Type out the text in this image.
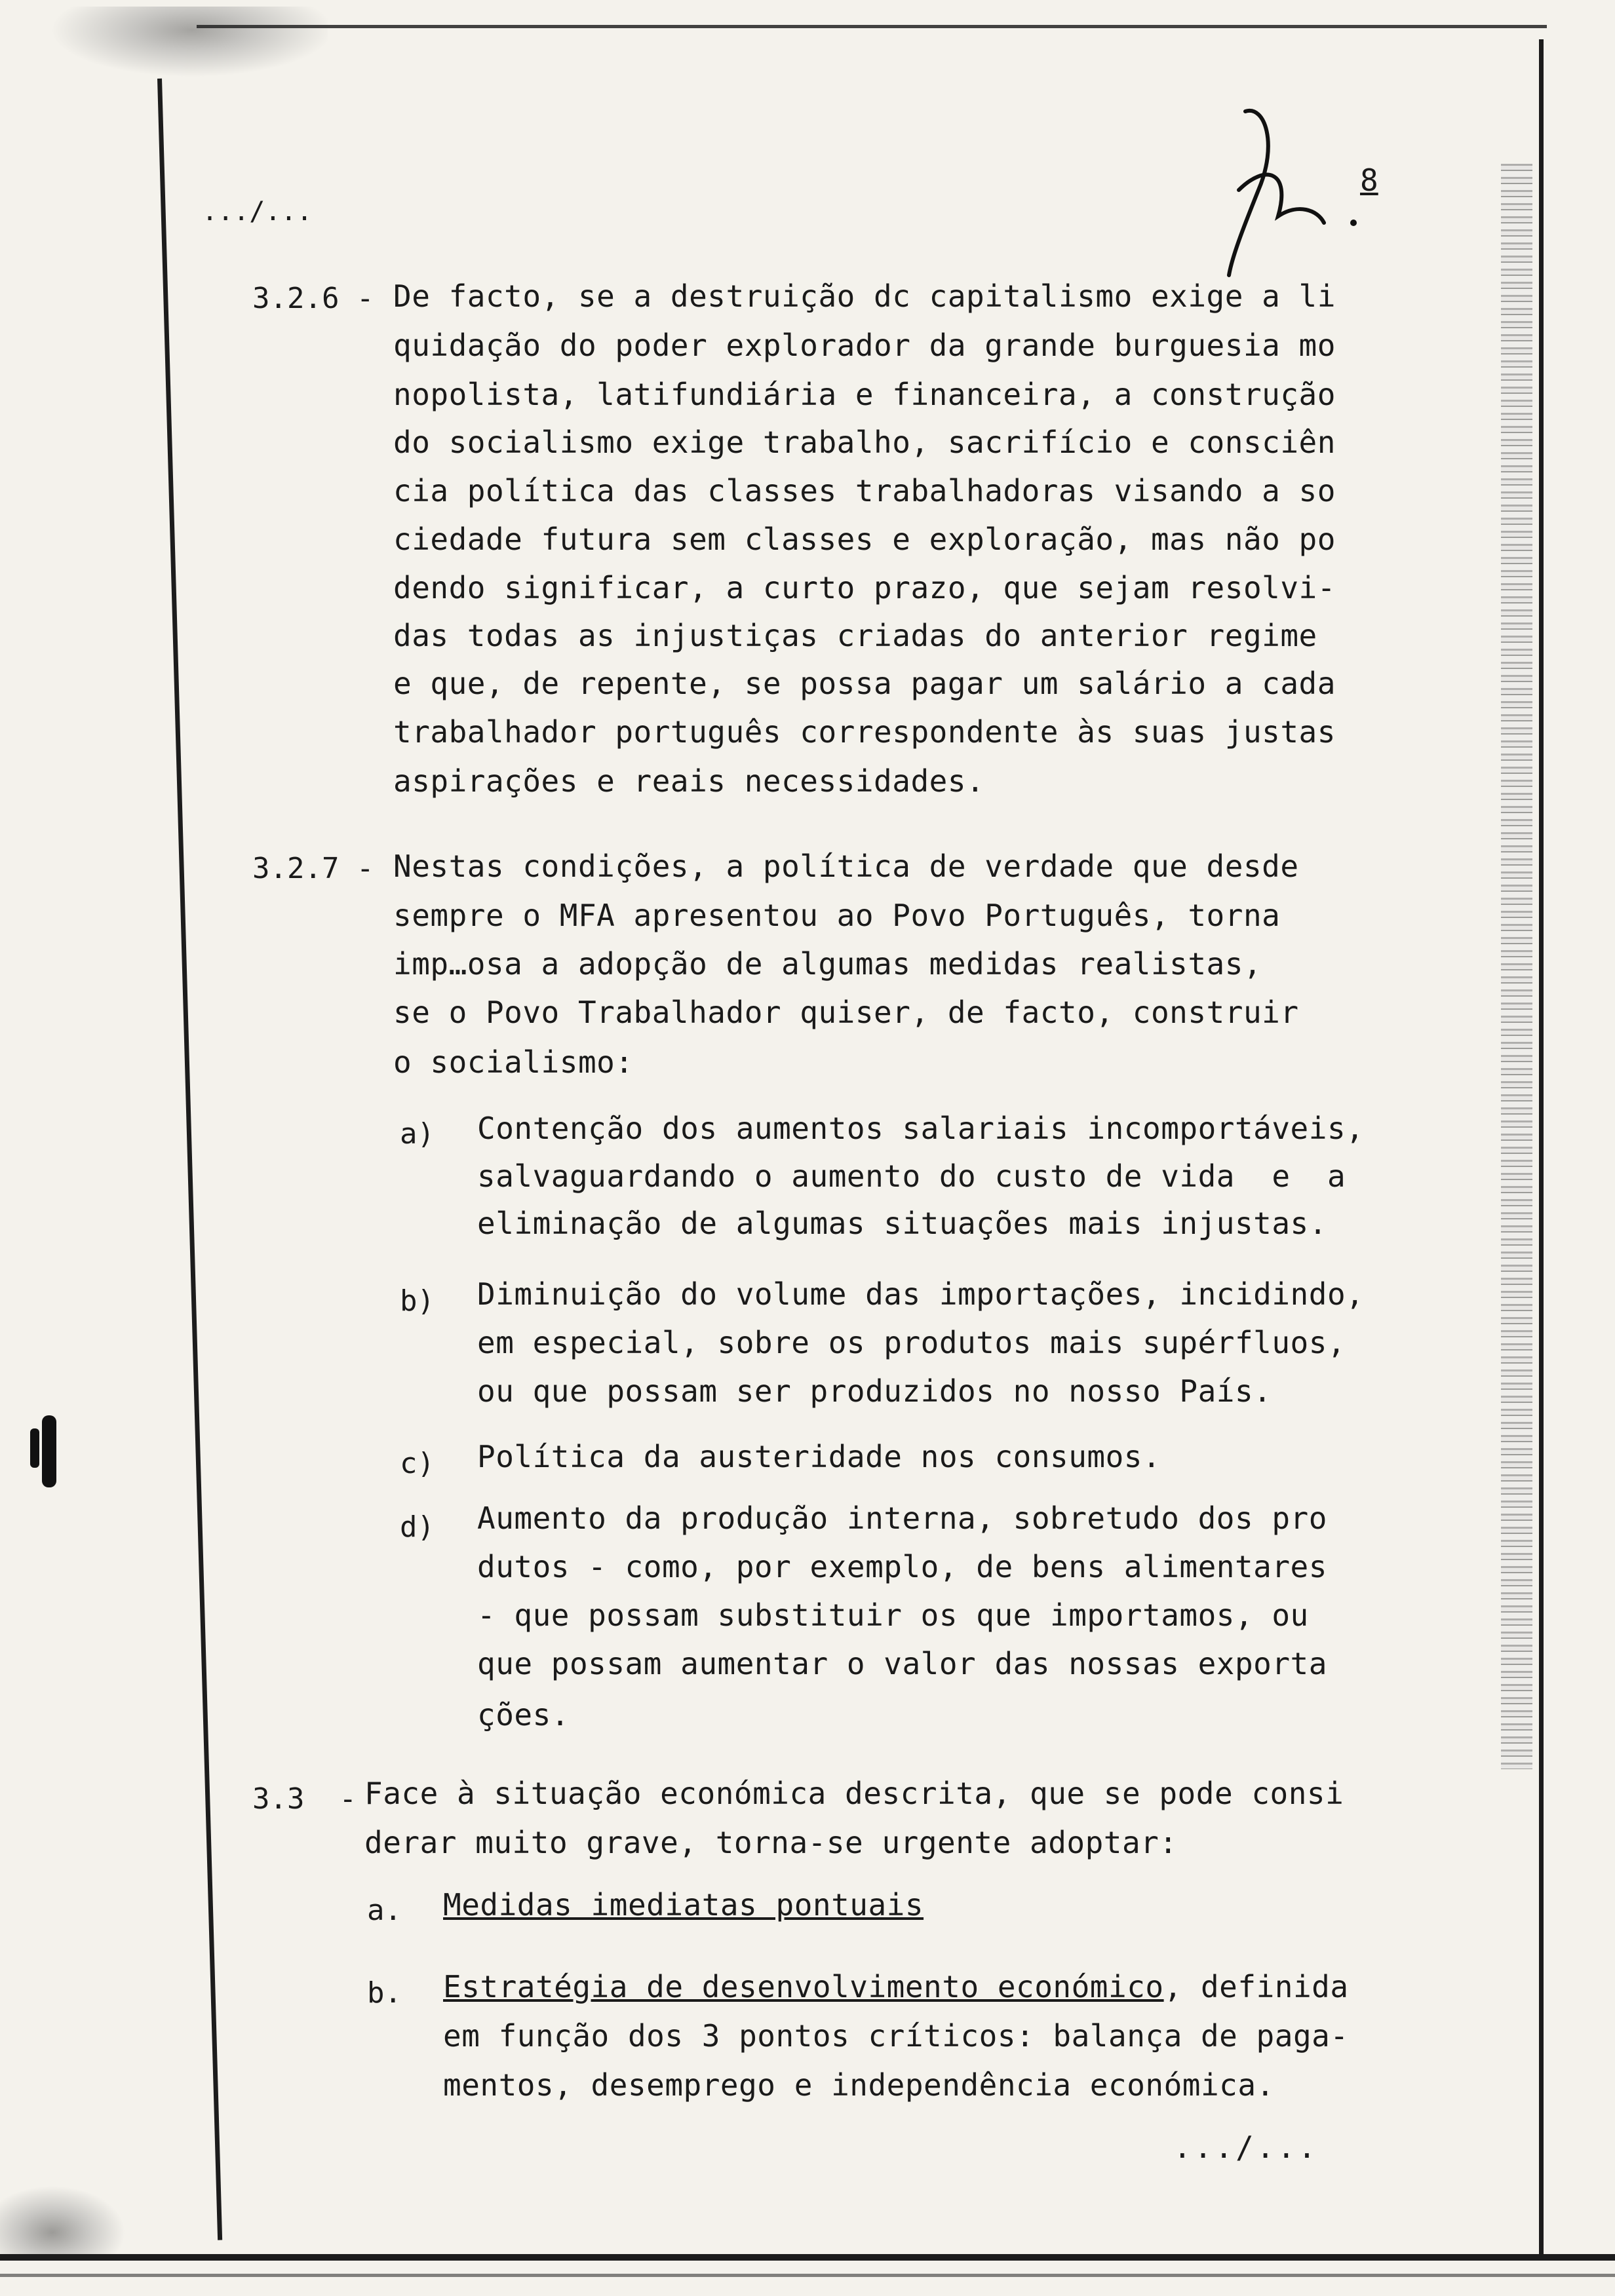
8
.../...
3.2.6 - De facto, se a destruição dc capitalismo exige a li
quidação do poder explorador da grande burguesia mo
nopolista, latifundiária e financeira, a construção
do socialismo exige trabalho, sacrifício e consciên
cia política das classes trabalhadoras visando a so
ciedade futura sem classes e exploração, mas não po
dendo significar, a curto prazo, que sejam resolvi-
das todas as injustiças criadas do anterior regime
e que, de repente, se possa pagar um salário a cada
trabalhador português correspondente às suas justas
aspirações e reais necessidades.
3.2.7 - Nestas condições, a política de verdade que desde
sempre o MFA apresentou ao Povo Português, torna
imp…osa a adopção de algumas medidas realistas,
se o Povo Trabalhador quiser, de facto, construir
o socialismo:
a) Contenção dos aumentos salariais incomportáveis,
salvaguardando o aumento do custo de vida  e  a
eliminação de algumas situações mais injustas.
b) Diminuição do volume das importações, incidindo,
em especial, sobre os produtos mais supérfluos,
ou que possam ser produzidos no nosso País.
c) Política da austeridade nos consumos.
d) Aumento da produção interna, sobretudo dos pro
dutos - como, por exemplo, de bens alimentares
- que possam substituir os que importamos, ou
que possam aumentar o valor das nossas exporta
ções.
3.3  - Face à situação económica descrita, que se pode consi
derar muito grave, torna-se urgente adoptar:
a. Medidas imediatas pontuais
b. Estratégia de desenvolvimento económico, definida
em função dos 3 pontos críticos: balança de paga-
mentos, desemprego e independência económica.
.../...
